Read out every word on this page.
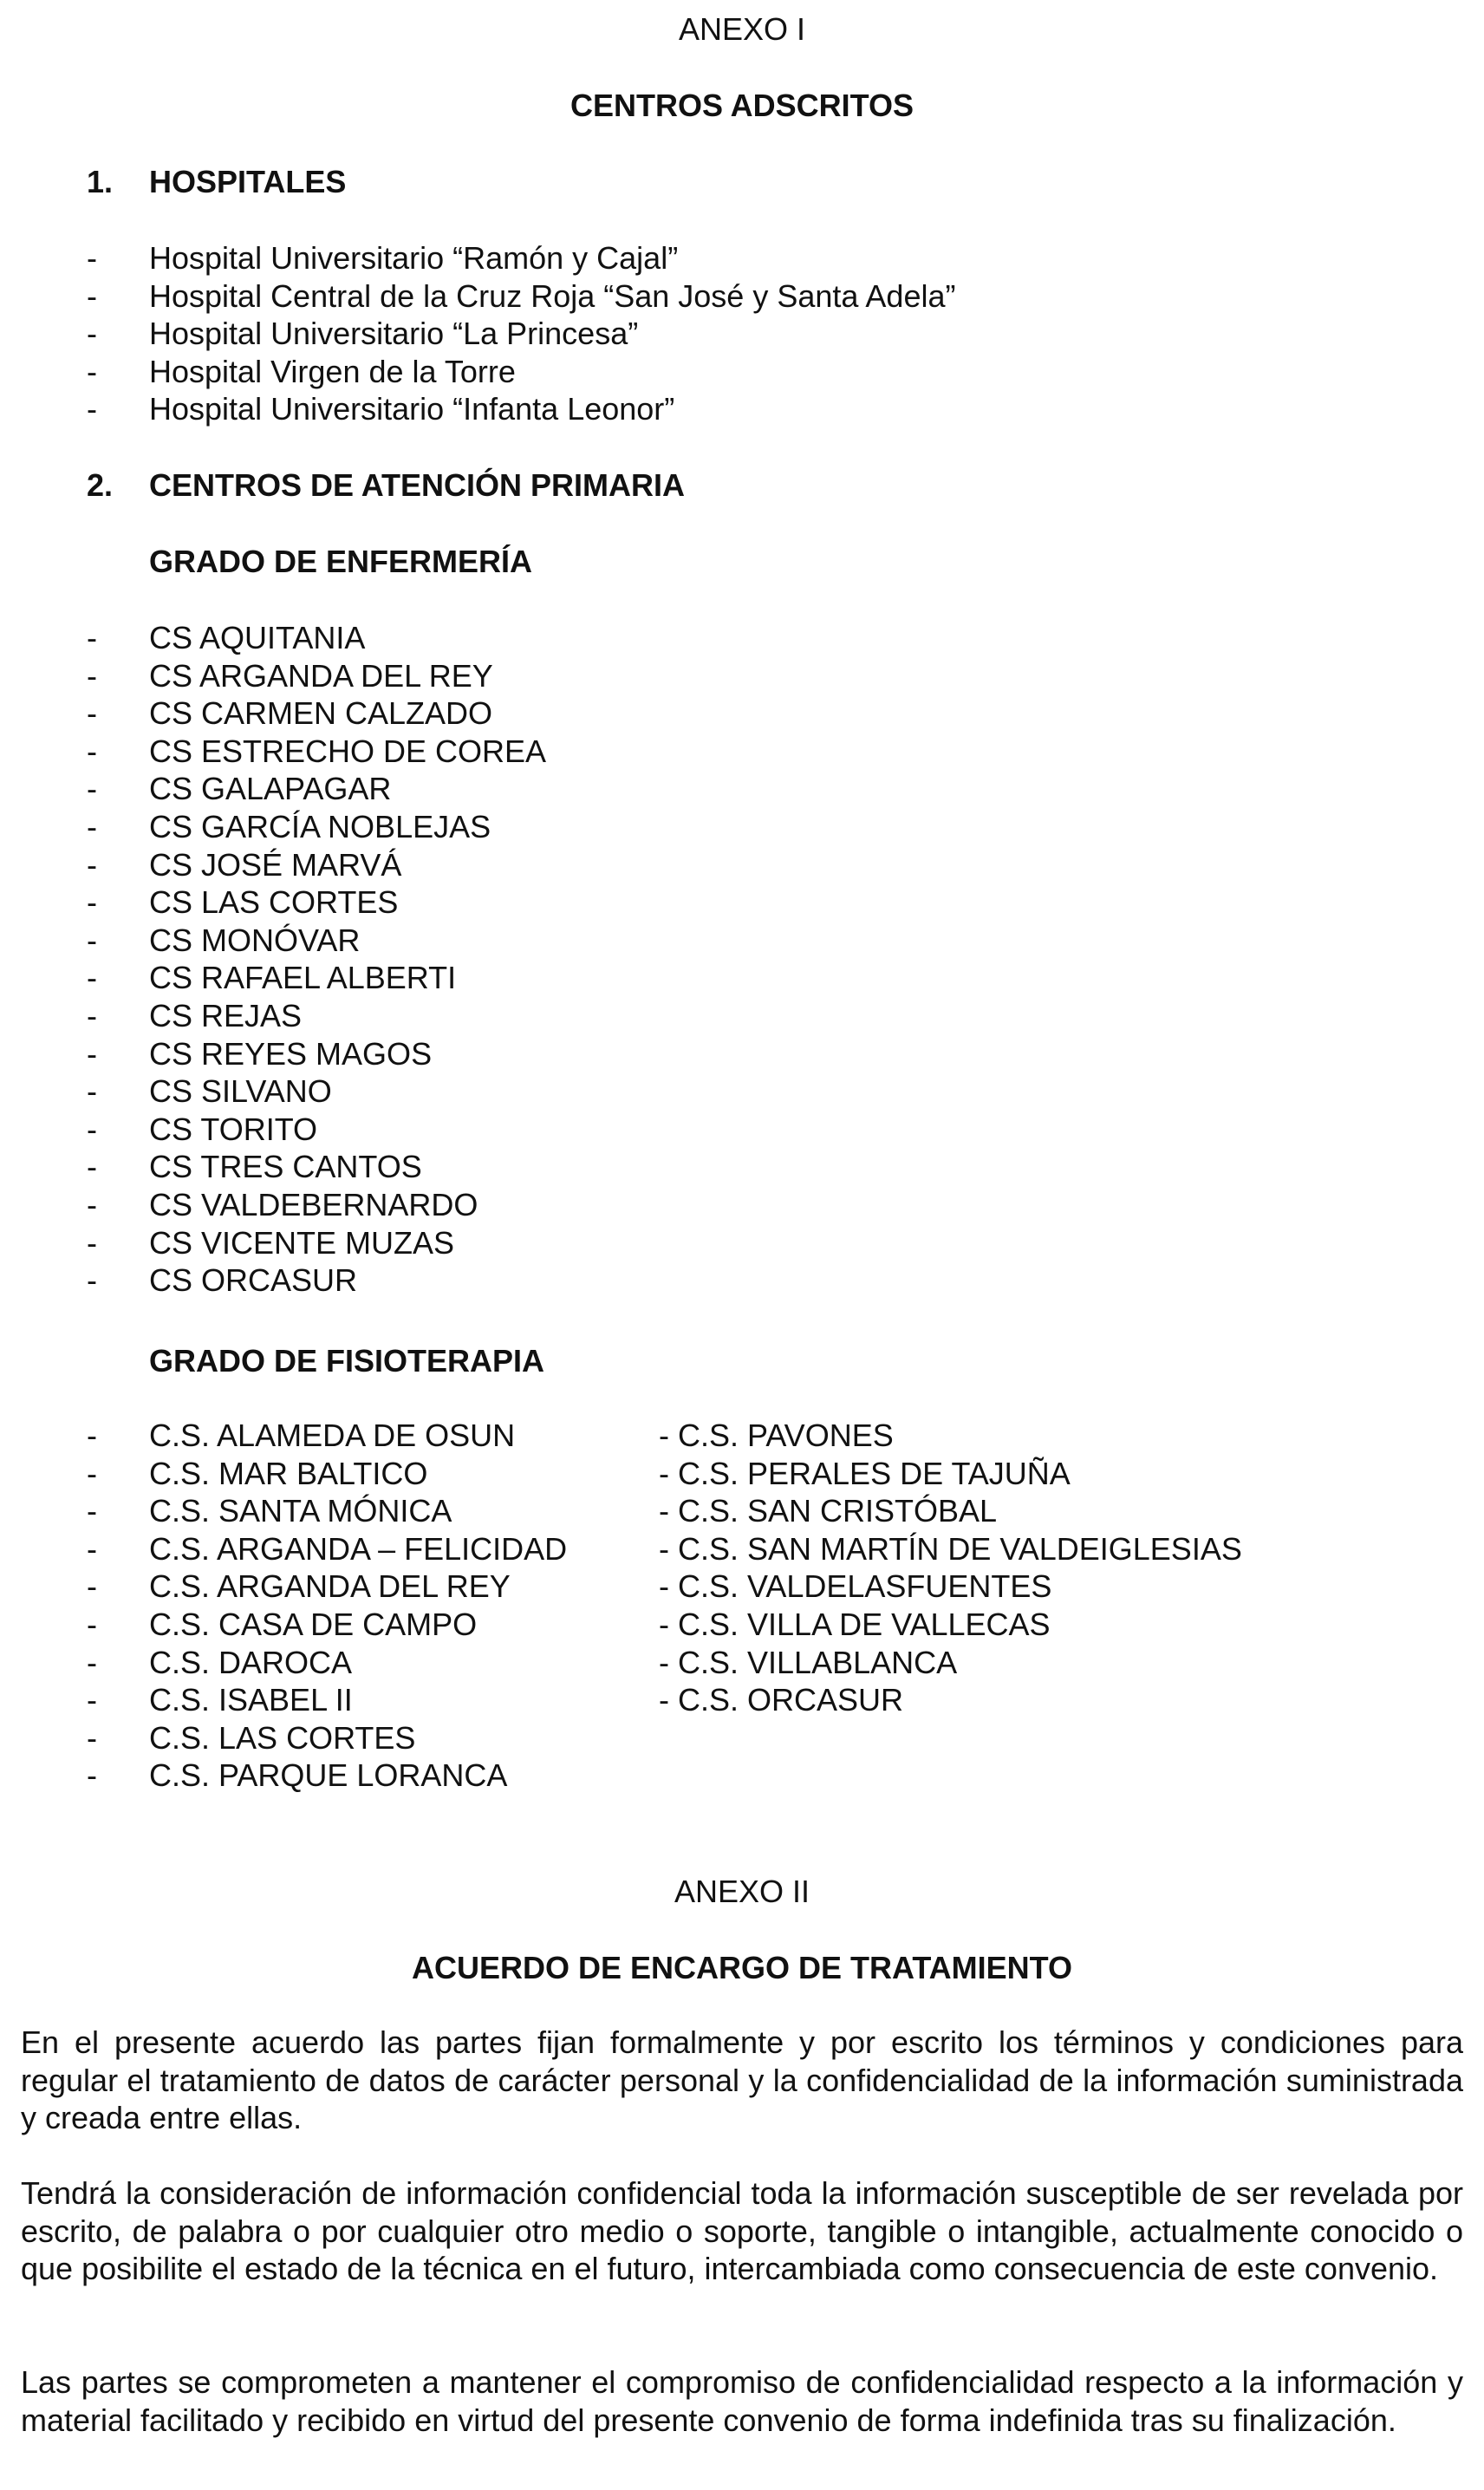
ANEXO I
CENTROS ADSCRITOS
1. HOSPITALES
- Hospital Universitario “Ramón y Cajal”
- Hospital Central de la Cruz Roja “San José y Santa Adela”
- Hospital Universitario “La Princesa”
- Hospital Virgen de la Torre
- Hospital Universitario “Infanta Leonor”
2. CENTROS DE ATENCIÓN PRIMARIA
GRADO DE ENFERMERÍA
- CS AQUITANIA
- CS ARGANDA DEL REY
- CS CARMEN CALZADO
- CS ESTRECHO DE COREA
- CS GALAPAGAR
- CS GARCÍA NOBLEJAS
- CS JOSÉ MARVÁ
- CS LAS CORTES
- CS MONÓVAR
- CS RAFAEL ALBERTI
- CS REJAS
- CS REYES MAGOS
- CS SILVANO
- CS TORITO
- CS TRES CANTOS
- CS VALDEBERNARDO
- CS VICENTE MUZAS
- CS ORCASUR
GRADO DE FISIOTERAPIA
- C.S. ALAMEDA DE OSUN
- C.S. MAR BALTICO
- C.S. SANTA MÓNICA
- C.S. ARGANDA – FELICIDAD
- C.S. ARGANDA DEL REY
- C.S. CASA DE CAMPO
- C.S. DAROCA
- C.S. ISABEL II
- C.S. LAS CORTES
- C.S. PARQUE LORANCA
- C.S. PAVONES
- C.S. PERALES DE TAJUÑA
- C.S. SAN CRISTÓBAL
- C.S. SAN MARTÍN DE VALDEIGLESIAS
- C.S. VALDELASFUENTES
- C.S. VILLA DE VALLECAS
- C.S. VILLABLANCA
- C.S. ORCASUR
ANEXO II
ACUERDO DE ENCARGO DE TRATAMIENTO

En el presente acuerdo las partes fijan formalmente y por escrito los términos y condiciones para regular el tratamiento de datos de carácter personal y la confidencialidad de la información suministrada y creada entre ellas.

Tendrá la consideración de información confidencial toda la información susceptible de ser revelada por escrito, de palabra o por cualquier otro medio o soporte, tangible o intangible, actualmente conocido o que posibilite el estado de la técnica en el futuro, intercambiada como consecuencia de este convenio.

Las partes se comprometen a mantener el compromiso de confidencialidad respecto a la información y material facilitado y recibido en virtud del presente convenio de forma indefinida tras su finalización.
